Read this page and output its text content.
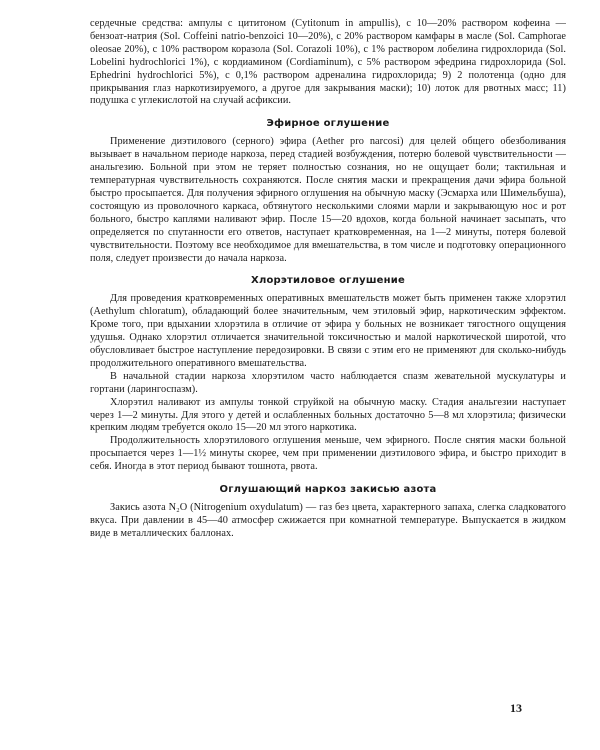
сердечные средства: ампулы с цититоном (Cytitonum in ampullis), с 10—20% раствором кофеина — бензоат-натрия (Sol. Coffeini natrio-benzoici 10—20%), с 20% раствором камфары в масле (Sol. Camphorae oleosae 20%), с 10% раствором коразола (Sol. Corazoli 10%), с 1% раствором лобелина гидрохлорида (Sol. Lobelini hydrochlorici 1%), с кордиамином (Cordiaminum), с 5% раствором эфедрина гидрохлорида (Sol. Ephedrini hydrochlorici 5%), с 0,1% раствором адреналина гидрохлорида; 9) 2 полотенца (одно для прикрывания глаз наркотизируемого, а другое для закрывания маски); 10) лоток для рвотных масс; 11) подушка с углекислотой на случай асфиксии.

Эфирное оглушение

Применение диэтилового (серного) эфира (Aether pro narcosi) для целей общего обезболивания вызывает в начальном периоде наркоза, перед стадией возбуждения, потерю болевой чувствительности — анальгезию. Больной при этом не теряет полностью сознания, но не ощущает боли; тактильная и температурная чувствительность сохраняются. После снятия маски и прекращения дачи эфира больной быстро просыпается. Для получения эфирного оглушения на обычную маску (Эсмарха или Шимельбуша), состоящую из проволочного каркаса, обтянутого несколькими слоями марли и закрывающую нос и рот больного, быстро каплями наливают эфир. После 15—20 вдохов, когда больной начинает засыпать, что определяется по спутанности его ответов, наступает кратковременная, на 1—2 минуты, потеря болевой чувствительности. Поэтому все необходимое для вмешательства, в том числе и подготовку операционного поля, следует произвести до начала наркоза.

Хлорэтиловое оглушение

Для проведения кратковременных оперативных вмешательств может быть применен также хлорэтил (Aethylum chloratum), обладающий более значительным, чем этиловый эфир, наркотическим эффектом. Кроме того, при вдыхании хлорэтила в отличие от эфира у больных не возникает тягостного ощущения удушья. Однако хлорэтил отличается значительной токсичностью и малой наркотической широтой, что обусловливает быстрое наступление передозировки. В связи с этим его не применяют для сколько-нибудь продолжительного оперативного вмешательства.

В начальной стадии наркоза хлорэтилом часто наблюдается спазм жевательной мускулатуры и гортани (ларингоспазм).

Хлорэтил наливают из ампулы тонкой струйкой на обычную маску. Стадия анальгезии наступает через 1—2 минуты. Для этого у детей и ослабленных больных достаточно 5—8 мл хлорэтила; физически крепким людям требуется около 15—20 мл этого наркотика.

Продолжительность хлорэтилового оглушения меньше, чем эфирного. После снятия маски больной просыпается через 1—1½ минуты скорее, чем при применении диэтилового эфира, и быстро приходит в себя. Иногда в этот период бывают тошнота, рвота.

Оглушающий наркоз закисью азота

Закись азота N₂O (Nitrogenium oxydulatum) — газ без цвета, характерного запаха, слегка сладковатого вкуса. При давлении в 45—40 атмосфер сжижается при комнатной температуре. Выпускается в жидком виде в металлических баллонах.

13
